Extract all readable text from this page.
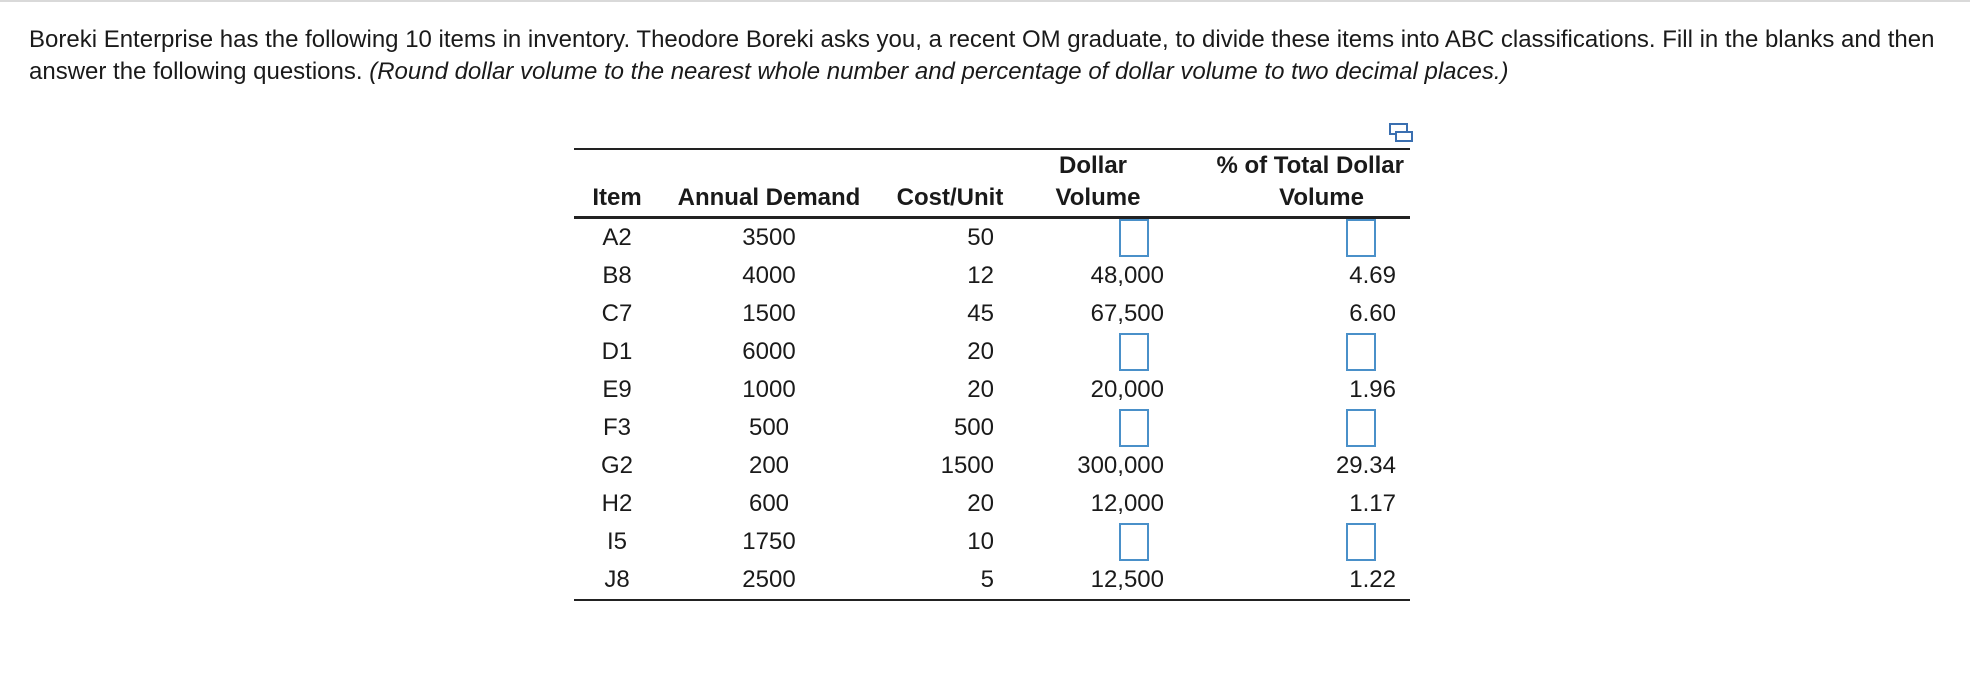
Boreki Enterprise has the following 10 items in inventory. Theodore Boreki asks you, a recent OM graduate, to divide these items into ABC classifications. Fill in the blanks and then answer the following questions. (Round dollar volume to the nearest whole number and percentage of dollar volume to two decimal places.)
			Dollar	% of Total Dollar
Item	Annual Demand	Cost/Unit	Volume	Volume
A2	3500	50		
B8	4000	12	48,000	4.69
C7	1500	45	67,500	6.60
D1	6000	20		
E9	1000	20	20,000	1.96
F3	500	500		
G2	200	1500	300,000	29.34
H2	600	20	12,000	1.17
I5	1750	10		
J8	2500	5	12,500	1.22
